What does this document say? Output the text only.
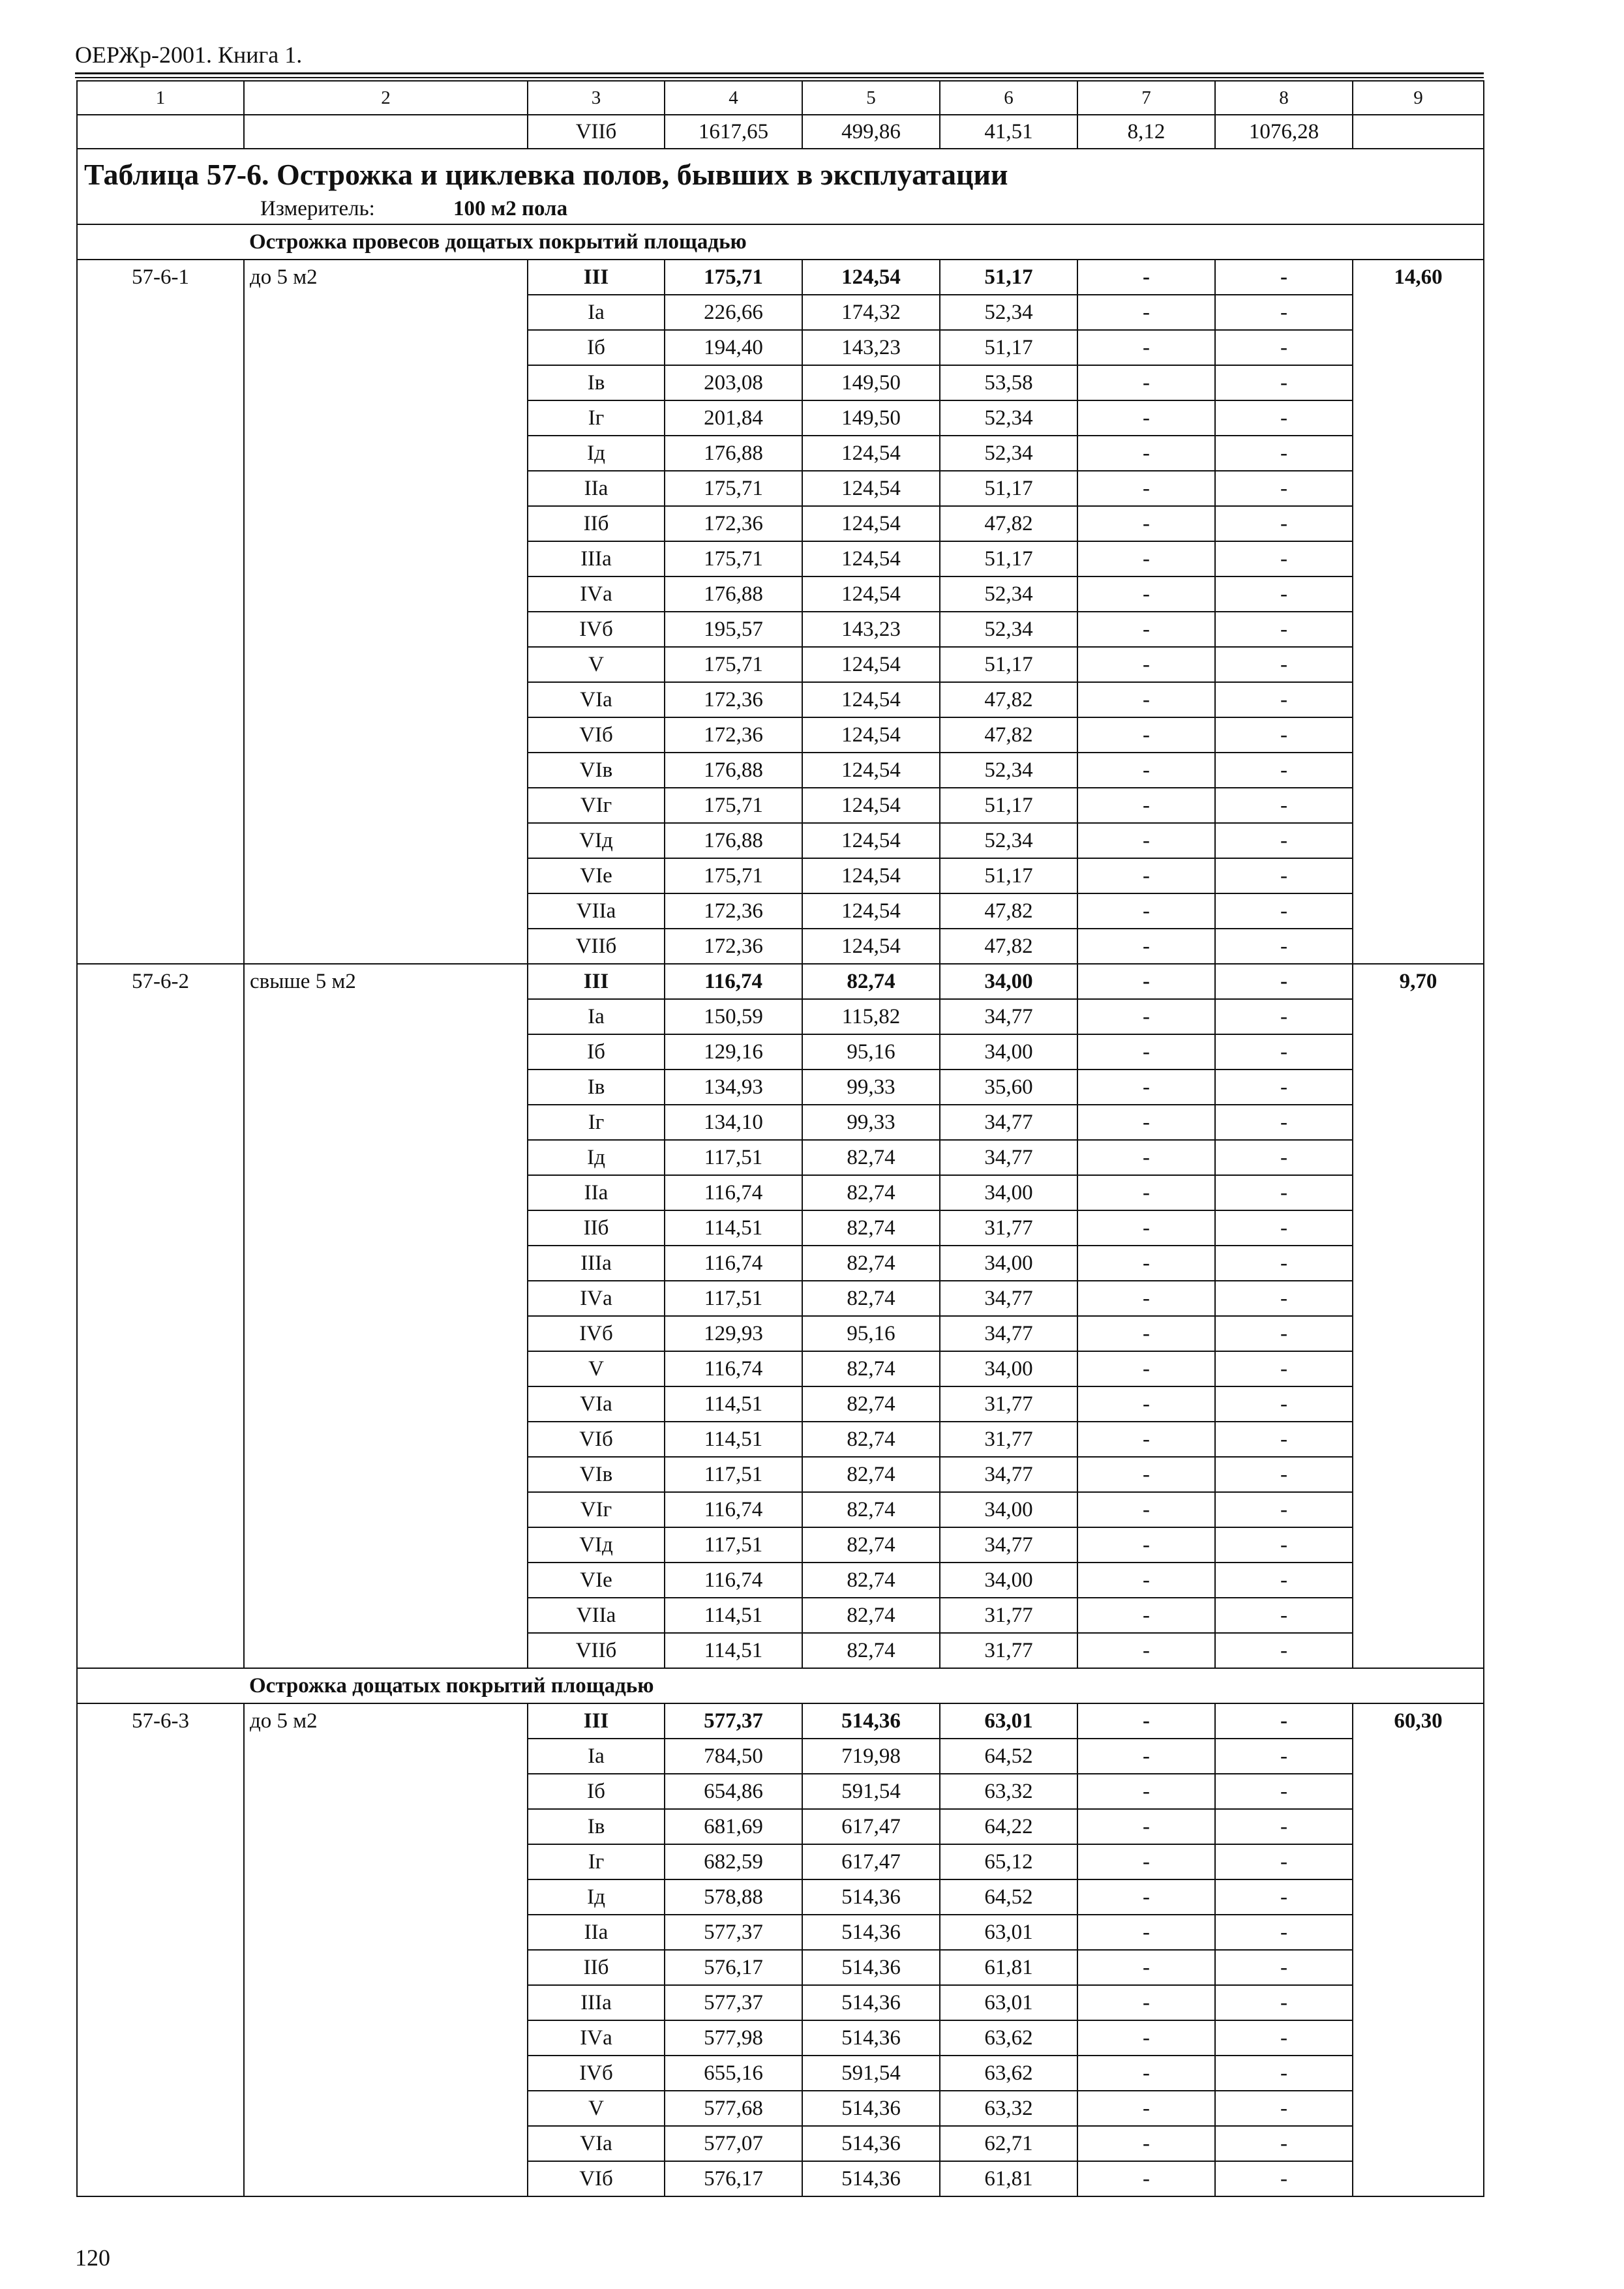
ОЕРЖр-2001. Книга 1.
1	2	3	4	5	6	7	8	9
		VIIб	1617,65	499,86	41,51	8,12	1076,28	

Таблица 57-6. Острожка и циклевка полов, бывших в эксплуатации
Измеритель: 100 м2 пола								

Острожка провесов дощатых покрытий площадью								
57-6-1	до 5 м2	III	175,71	124,54	51,17	-	-	14,60
		Iа	226,66	174,32	52,34	-	-	
		Iб	194,40	143,23	51,17	-	-	
		Iв	203,08	149,50	53,58	-	-	
		Iг	201,84	149,50	52,34	-	-	
		Iд	176,88	124,54	52,34	-	-	
		IIа	175,71	124,54	51,17	-	-	
		IIб	172,36	124,54	47,82	-	-	
		IIIа	175,71	124,54	51,17	-	-	
		IVа	176,88	124,54	52,34	-	-	
		IVб	195,57	143,23	52,34	-	-	
		V	175,71	124,54	51,17	-	-	
		VIа	172,36	124,54	47,82	-	-	
		VIб	172,36	124,54	47,82	-	-	
		VIв	176,88	124,54	52,34	-	-	
		VIг	175,71	124,54	51,17	-	-	
		VIд	176,88	124,54	52,34	-	-	
		VIе	175,71	124,54	51,17	-	-	
		VIIа	172,36	124,54	47,82	-	-	
		VIIб	172,36	124,54	47,82	-	-	
57-6-2	свыше 5 м2	III	116,74	82,74	34,00	-	-	9,70
		Iа	150,59	115,82	34,77	-	-	
		Iб	129,16	95,16	34,00	-	-	
		Iв	134,93	99,33	35,60	-	-	
		Iг	134,10	99,33	34,77	-	-	
		Iд	117,51	82,74	34,77	-	-	
		IIа	116,74	82,74	34,00	-	-	
		IIб	114,51	82,74	31,77	-	-	
		IIIа	116,74	82,74	34,00	-	-	
		IVа	117,51	82,74	34,77	-	-	
		IVб	129,93	95,16	34,77	-	-	
		V	116,74	82,74	34,00	-	-	
		VIа	114,51	82,74	31,77	-	-	
		VIб	114,51	82,74	31,77	-	-	
		VIв	117,51	82,74	34,77	-	-	
		VIг	116,74	82,74	34,00	-	-	
		VIд	117,51	82,74	34,77	-	-	
		VIе	116,74	82,74	34,00	-	-	
		VIIа	114,51	82,74	31,77	-	-	
		VIIб	114,51	82,74	31,77	-	-	
Острожка дощатых покрытий площадью								
57-6-3	до 5 м2	III	577,37	514,36	63,01	-	-	60,30
		Iа	784,50	719,98	64,52	-	-	
		Iб	654,86	591,54	63,32	-	-	
		Iв	681,69	617,47	64,22	-	-	
		Iг	682,59	617,47	65,12	-	-	
		Iд	578,88	514,36	64,52	-	-	
		IIа	577,37	514,36	63,01	-	-	
		IIб	576,17	514,36	61,81	-	-	
		IIIа	577,37	514,36	63,01	-	-	
		IVа	577,98	514,36	63,62	-	-	
		IVб	655,16	591,54	63,62	-	-	
		V	577,68	514,36	63,32	-	-	
		VIа	577,07	514,36	62,71	-	-	
		VIб	576,17	514,36	61,81	-	-	
120
